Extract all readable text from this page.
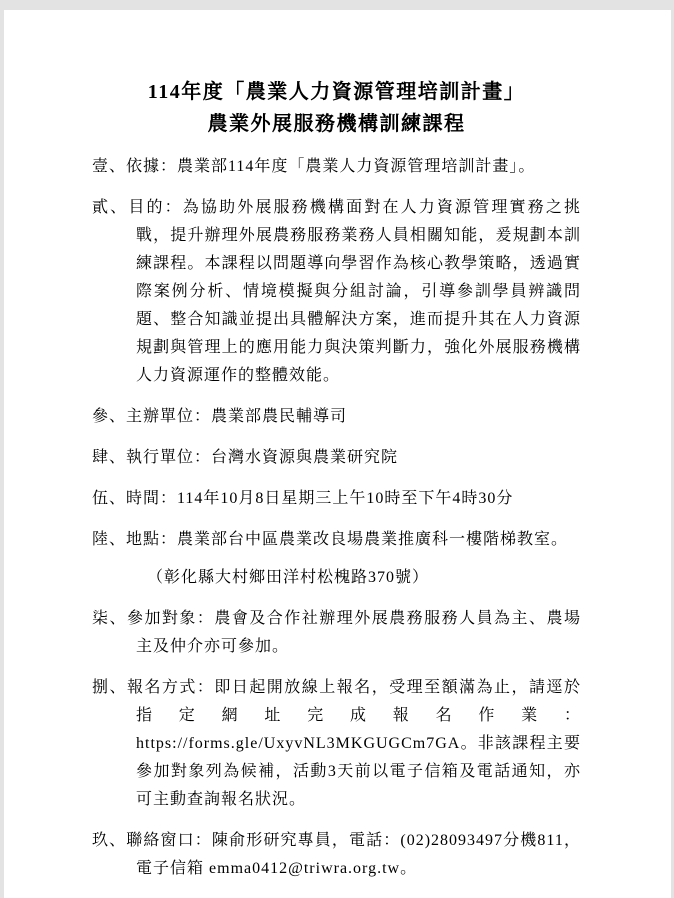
114年度「農業人力資源管理培訓計畫」
農業外展服務機構訓練課程
壹、依據：農業部114年度「農業人力資源管理培訓計畫」。
貳、目的：為協助外展服務機構面對在人力資源管理實務之挑戰，提升辦理外展農務服務業務人員相關知能，爰規劃本訓練課程。本課程以問題導向學習作為核心教學策略，透過實際案例分析、情境模擬與分組討論，引導參訓學員辨識問題、整合知識並提出具體解決方案，進而提升其在人力資源規劃與管理上的應用能力與決策判斷力，強化外展服務機構人力資源運作的整體效能。
參、主辦單位：農業部農民輔導司
肆、執行單位：台灣水資源與農業研究院
伍、時間：114年10月8日星期三上午10時至下午4時30分
陸、地點：農業部台中區農業改良場農業推廣科一樓階梯教室。
（彰化縣大村鄉田洋村松槐路370號）
柒、參加對象：農會及合作社辦理外展農務服務人員為主、農場主及仲介亦可參加。
捌、報名方式：即日起開放線上報名，受理至額滿為止，請逕於指定網址完成報名作業：https://forms.gle/UxyvNL3MKGUGCm7GA。非該課程主要參加對象列為候補，活動3天前以電子信箱及電話通知，亦可主動查詢報名狀況。
玖、聯絡窗口：陳俞形研究專員，電話：(02)28093497分機811，電子信箱 emma0412@triwra.org.tw。
